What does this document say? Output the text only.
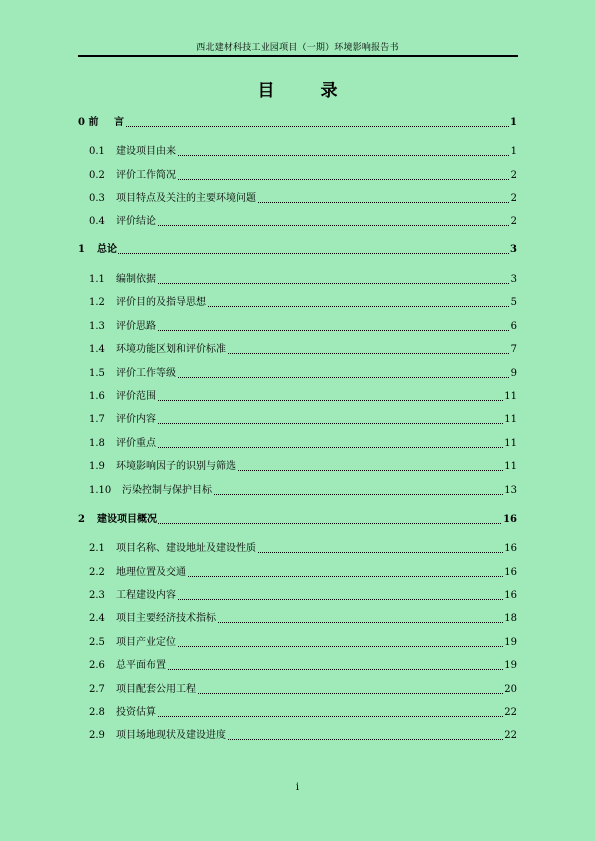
西北建材科技工业园项目（一期）环境影响报告书
目 录
0 前 言	1
0.1 建设项目由来	1
0.2 评价工作简况	2
0.3 项目特点及关注的主要环境问题	2
0.4 评价结论	2
1 总论	3
1.1 编制依据	3
1.2 评价目的及指导思想	5
1.3 评价思路	6
1.4 环境功能区划和评价标准	7
1.5 评价工作等级	9
1.6 评价范围	11
1.7 评价内容	11
1.8 评价重点	11
1.9 环境影响因子的识别与筛选	11
1.10 污染控制与保护目标	13
2 建设项目概况	16
2.1 项目名称、建设地址及建设性质	16
2.2 地理位置及交通	16
2.3 工程建设内容	16
2.4 项目主要经济技术指标	18
2.5 项目产业定位	19
2.6 总平面布置	19
2.7 项目配套公用工程	20
2.8 投资估算	22
2.9 项目场地现状及建设进度	22
i
